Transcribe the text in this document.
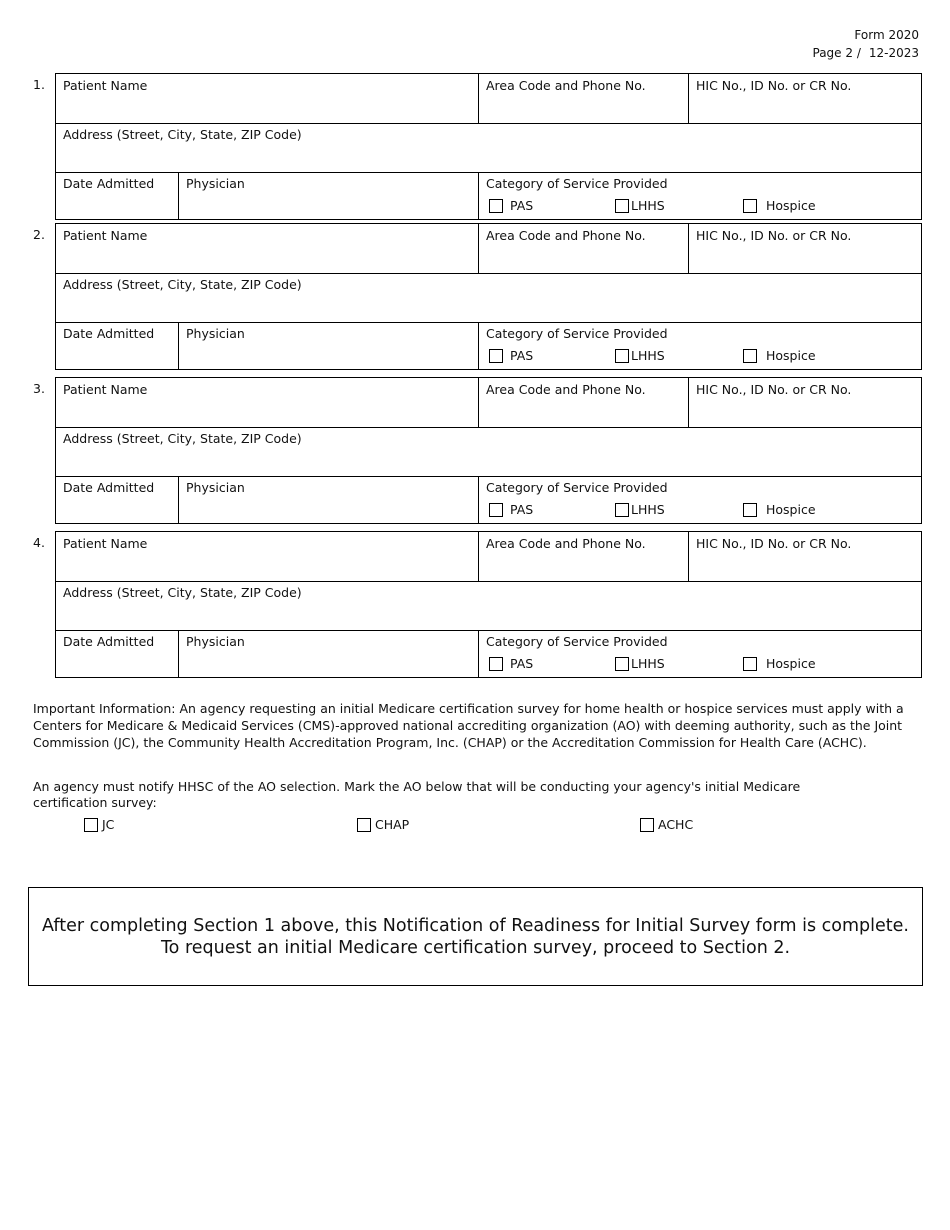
Form 2020
Page 2 / 12-2023
1.	Patient Name	Area Code and Phone No.	HIC No., ID No. or CR No.
Address (Street, City, State, ZIP Code)
Date Admitted	Physician	Category of Service Provided
PAS	LHHS	Hospice
2.	Patient Name	Area Code and Phone No.	HIC No., ID No. or CR No.
Address (Street, City, State, ZIP Code)
Date Admitted	Physician	Category of Service Provided
PAS	LHHS	Hospice
3.	Patient Name	Area Code and Phone No.	HIC No., ID No. or CR No.
Address (Street, City, State, ZIP Code)
Date Admitted	Physician	Category of Service Provided
PAS	LHHS	Hospice
4.	Patient Name	Area Code and Phone No.	HIC No., ID No. or CR No.
Address (Street, City, State, ZIP Code)
Date Admitted	Physician	Category of Service Provided
PAS	LHHS	Hospice
Important Information: An agency requesting an initial Medicare certification survey for home health or hospice services must apply with a Centers for Medicare & Medicaid Services (CMS)-approved national accrediting organization (AO) with deeming authority, such as the Joint Commission (JC), the Community Health Accreditation Program, Inc. (CHAP) or the Accreditation Commission for Health Care (ACHC).
An agency must notify HHSC of the AO selection. Mark the AO below that will be conducting your agency's initial Medicare certification survey:
JC	CHAP	ACHC
After completing Section 1 above, this Notification of Readiness for Initial Survey form is complete.
To request an initial Medicare certification survey, proceed to Section 2.
